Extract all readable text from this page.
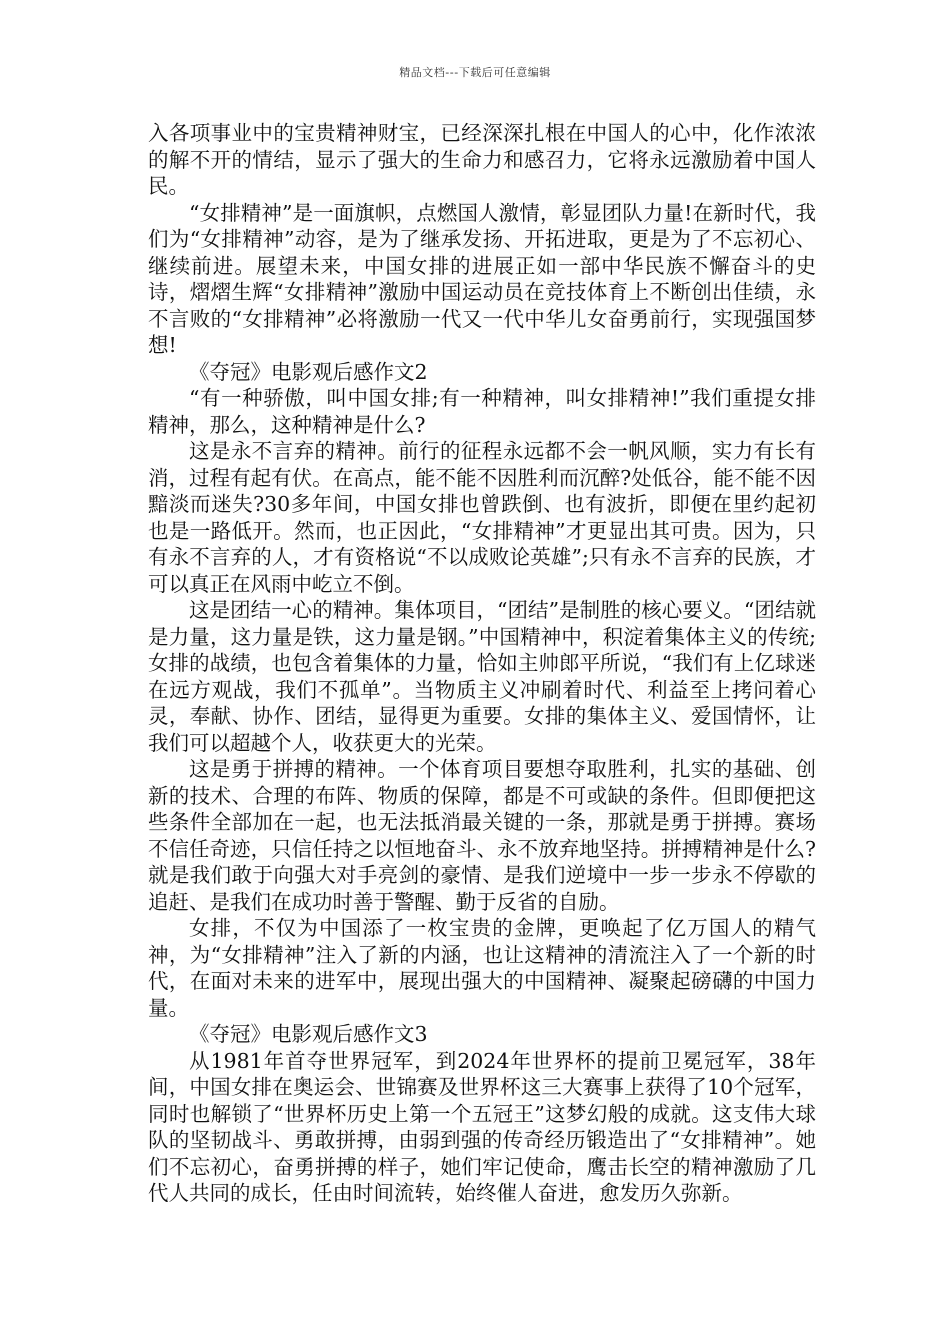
精品文档---下载后可任意编辑

入各项事业中的宝贵精神财宝，已经深深扎根在中国人的心中，化作浓浓的解不开的情结，显示了强大的生命力和感召力，它将永远激励着中国人民。

“女排精神”是一面旗帜，点燃国人激情，彰显团队力量!在新时代，我们为“女排精神”动容，是为了继承发扬、开拓进取，更是为了不忘初心、继续前进。展望未来，中国女排的进展正如一部中华民族不懈奋斗的史诗，熠熠生辉“女排精神”激励中国运动员在竞技体育上不断创出佳绩，永不言败的“女排精神”必将激励一代又一代中华儿女奋勇前行，实现强国梦想!

《夺冠》电影观后感作文2

“有一种骄傲，叫中国女排;有一种精神，叫女排精神!”我们重提女排精神，那么，这种精神是什么?

这是永不言弃的精神。前行的征程永远都不会一帆风顺，实力有长有消，过程有起有伏。在高点，能不能不因胜利而沉醉?处低谷，能不能不因黯淡而迷失?30多年间，中国女排也曾跌倒、也有波折，即便在里约起初也是一路低开。然而，也正因此，“女排精神”才更显出其可贵。因为，只有永不言弃的人，才有资格说“不以成败论英雄”;只有永不言弃的民族，才可以真正在风雨中屹立不倒。

这是团结一心的精神。集体项目，“团结”是制胜的核心要义。“团结就是力量，这力量是铁，这力量是钢。”中国精神中，积淀着集体主义的传统;女排的战绩，也包含着集体的力量，恰如主帅郎平所说，“我们有上亿球迷在远方观战，我们不孤单”。当物质主义冲刷着时代、利益至上拷问着心灵，奉献、协作、团结，显得更为重要。女排的集体主义、爱国情怀，让我们可以超越个人，收获更大的光荣。

这是勇于拼搏的精神。一个体育项目要想夺取胜利，扎实的基础、创新的技术、合理的布阵、物质的保障，都是不可或缺的条件。但即便把这些条件全部加在一起，也无法抵消最关键的一条，那就是勇于拼搏。赛场不信任奇迹，只信任持之以恒地奋斗、永不放弃地坚持。拼搏精神是什么?就是我们敢于向强大对手亮剑的豪情、是我们逆境中一步一步永不停歇的追赶、是我们在成功时善于警醒、勤于反省的自励。

女排，不仅为中国添了一枚宝贵的金牌，更唤起了亿万国人的精气神，为“女排精神”注入了新的内涵，也让这精神的清流注入了一个新的时代，在面对未来的进军中，展现出强大的中国精神、凝聚起磅礴的中国力量。

《夺冠》电影观后感作文3

从1981年首夺世界冠军，到2024年世界杯的提前卫冕冠军，38年间，中国女排在奥运会、世锦赛及世界杯这三大赛事上获得了10个冠军，同时也解锁了“世界杯历史上第一个五冠王”这梦幻般的成就。这支伟大球队的坚韧战斗、勇敢拼搏，由弱到强的传奇经历锻造出了“女排精神”。她们不忘初心，奋勇拼搏的样子，她们牢记使命，鹰击长空的精神激励了几代人共同的成长，任由时间流转，始终催人奋进，愈发历久弥新。
